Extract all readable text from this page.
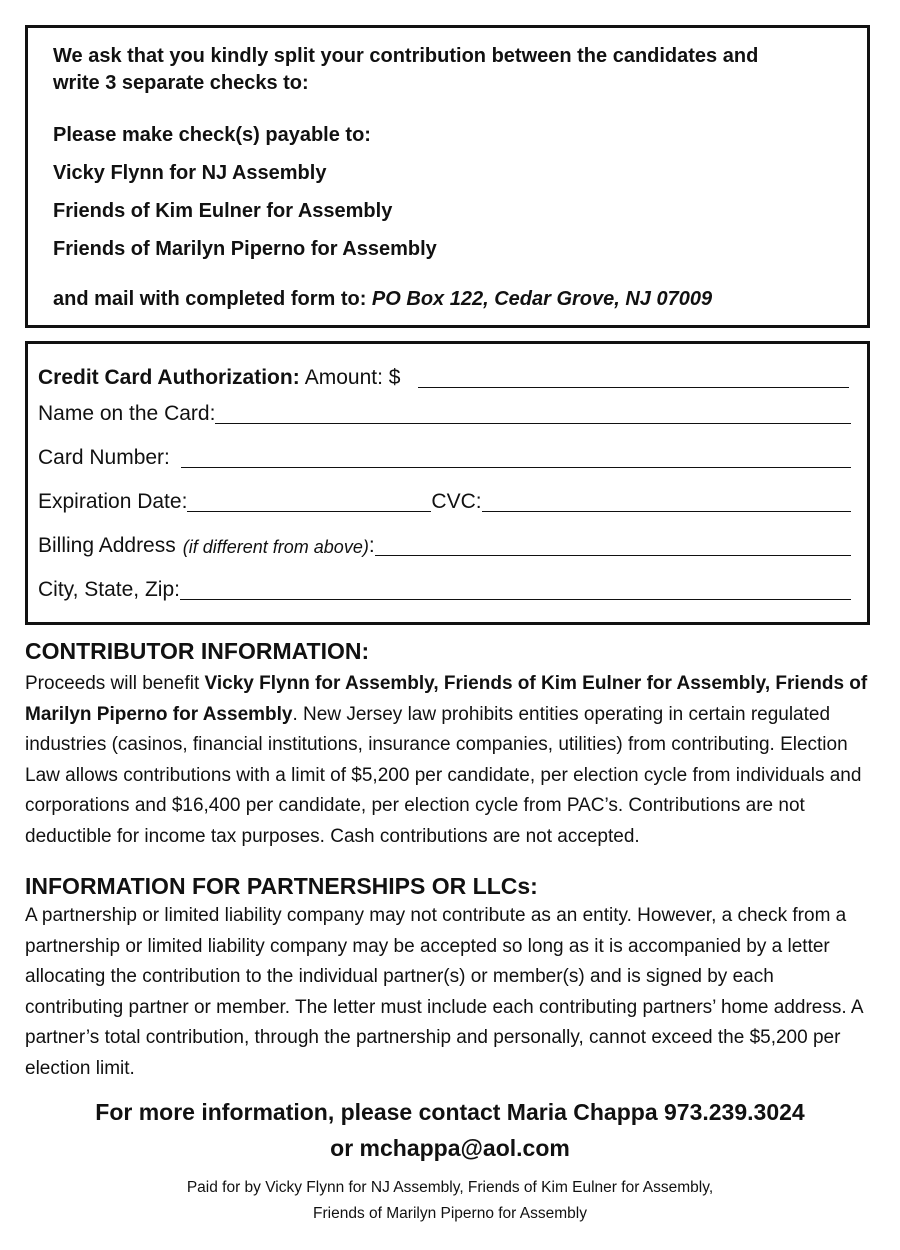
We ask that you kindly split your contribution between the candidates and
write 3 separate checks to:
Please make check(s) payable to:
Vicky Flynn for NJ Assembly
Friends of Kim Eulner for Assembly
Friends of Marilyn Piperno for Assembly
and mail with completed form to: PO Box 122, Cedar Grove, NJ 07009
Credit Card Authorization: Amount: $
Name on the Card:
Card Number:
Expiration Date:	CVC:
Billing Address (if different from above) :
City, State, Zip:
CONTRIBUTOR INFORMATION:
Proceeds will benefit Vicky Flynn for Assembly, Friends of Kim Eulner for Assembly, Friends of Marilyn Piperno for Assembly. New Jersey law prohibits entities operating in certain regulated industries (casinos, financial institutions, insurance companies, utilities) from contributing. Election Law allows contributions with a limit of $5,200 per candidate, per election cycle from individuals and corporations and $16,400 per candidate, per election cycle from PAC’s. Contributions are not deductible for income tax purposes. Cash contributions are not accepted.
INFORMATION FOR PARTNERSHIPS OR LLCs:
A partnership or limited liability company may not contribute as an entity. However, a check from a partnership or limited liability company may be accepted so long as it is accompanied by a letter allocating the contribution to the individual partner(s) or member(s) and is signed by each contributing partner or member. The letter must include each contributing partners’ home address. A partner’s total contribution, through the partnership and personally, cannot exceed the $5,200 per election limit.
For more information, please contact Maria Chappa 973.239.3024
or mchappa@aol.com
Paid for by Vicky Flynn for NJ Assembly, Friends of Kim Eulner for Assembly,
Friends of Marilyn Piperno for Assembly
